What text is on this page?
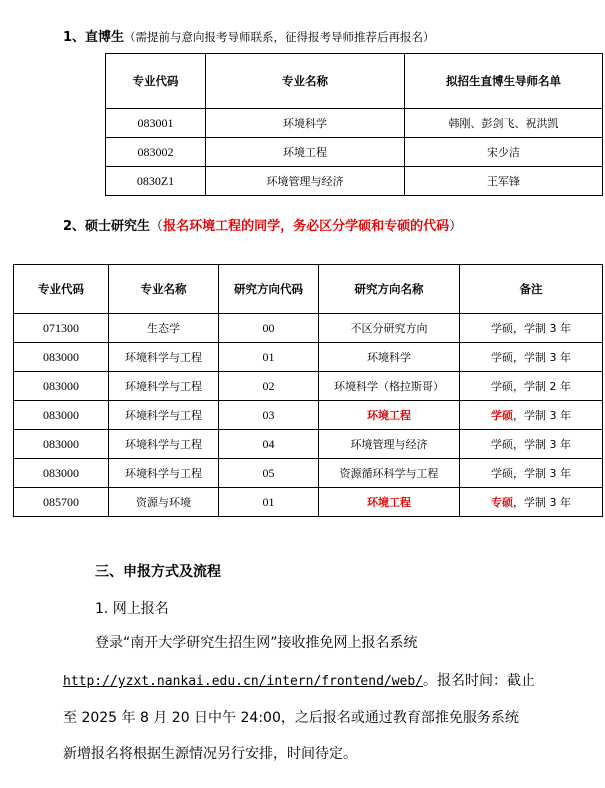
1、直博生（需提前与意向报考导师联系，征得报考导师推荐后再报名）
专业代码	专业名称	拟招生直博生导师名单
083001	环境科学	韩刚、彭剑飞、祝洪凯
083002	环境工程	宋少洁
0830Z1	环境管理与经济	王军锋
2、硕士研究生（报名环境工程的同学，务必区分学硕和专硕的代码）
专业代码	专业名称	研究方向代码	研究方向名称	备注
071300	生态学	00	不区分研究方向	学硕，学制 3 年
083000	环境科学与工程	01	环境科学	学硕，学制 3 年
083000	环境科学与工程	02	环境科学（格拉斯哥）	学硕，学制 2 年
083000	环境科学与工程	03	环境工程	学硕，学制 3 年
083000	环境科学与工程	04	环境管理与经济	学硕，学制 3 年
083000	环境科学与工程	05	资源循环科学与工程	学硕，学制 3 年
085700	资源与环境	01	环境工程	专硕，学制 3 年
三、申报方式及流程
1. 网上报名
登录“南开大学研究生招生网”接收推免网上报名系统
http://yzxt.nankai.edu.cn/intern/frontend/web/。报名时间：截止
至 2025 年 8 月 20 日中午 24:00，之后报名或通过教育部推免服务系统
新增报名将根据生源情况另行安排，时间待定。
